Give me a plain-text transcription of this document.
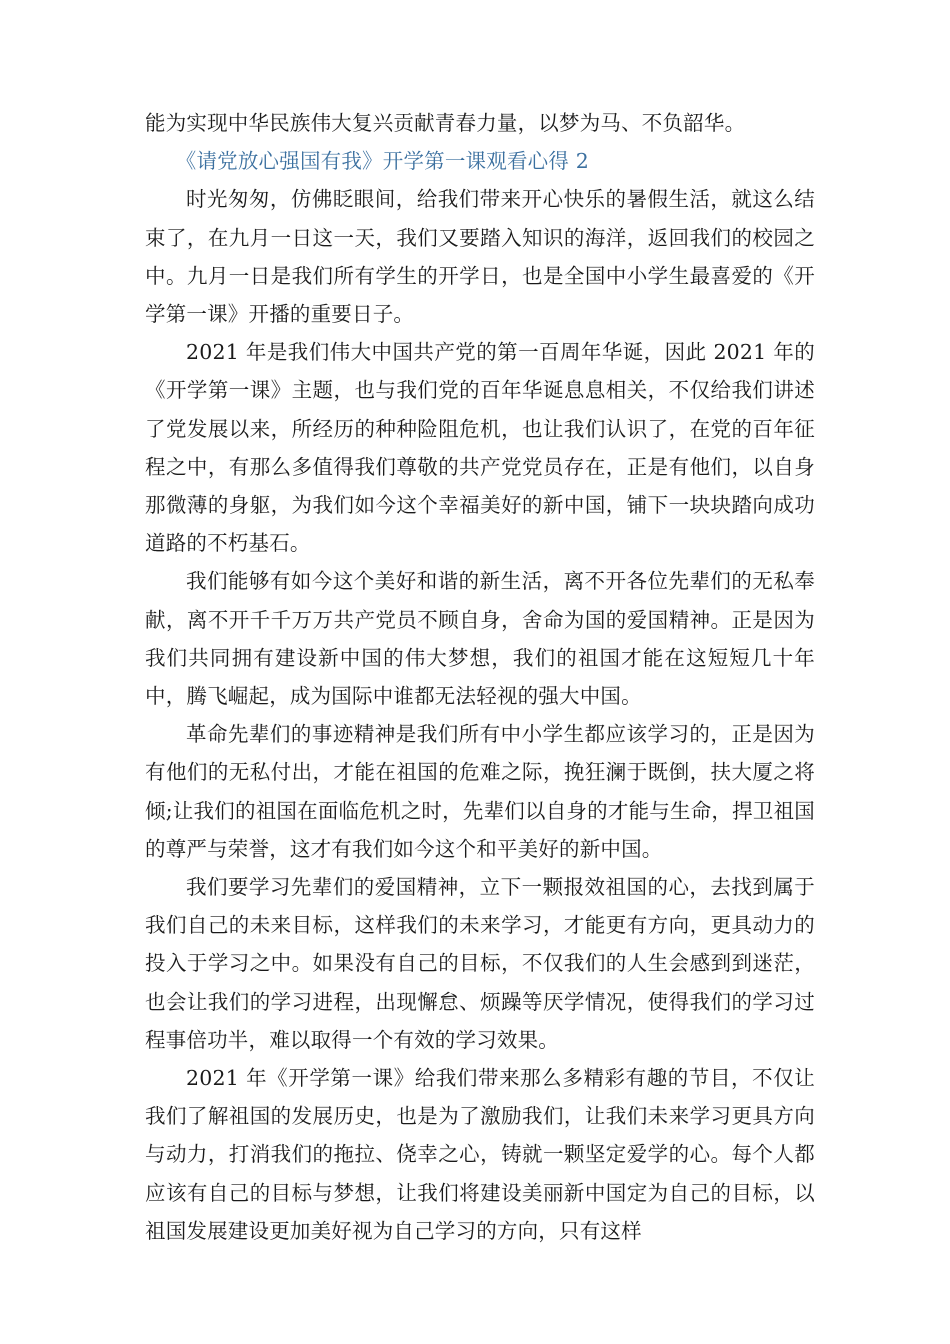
能为实现中华民族伟大复兴贡献青春力量，以梦为马、不负韶华。

《请党放心强国有我》开学第一课观看心得 2

时光匆匆，仿佛眨眼间，给我们带来开心快乐的暑假生活，就这么结束了，在九月一日这一天，我们又要踏入知识的海洋，返回我们的校园之中。九月一日是我们所有学生的开学日，也是全国中小学生最喜爱的《开学第一课》开播的重要日子。

2021 年是我们伟大中国共产党的第一百周年华诞，因此 2021 年的《开学第一课》主题，也与我们党的百年华诞息息相关，不仅给我们讲述了党发展以来，所经历的种种险阻危机，也让我们认识了，在党的百年征程之中，有那么多值得我们尊敬的共产党党员存在，正是有他们，以自身那微薄的身躯，为我们如今这个幸福美好的新中国，铺下一块块踏向成功道路的不朽基石。

我们能够有如今这个美好和谐的新生活，离不开各位先辈们的无私奉献，离不开千千万万共产党员不顾自身，舍命为国的爱国精神。正是因为我们共同拥有建设新中国的伟大梦想，我们的祖国才能在这短短几十年中，腾飞崛起，成为国际中谁都无法轻视的强大中国。

革命先辈们的事迹精神是我们所有中小学生都应该学习的，正是因为有他们的无私付出，才能在祖国的危难之际，挽狂澜于既倒，扶大厦之将倾;让我们的祖国在面临危机之时，先辈们以自身的才能与生命，捍卫祖国的尊严与荣誉，这才有我们如今这个和平美好的新中国。

我们要学习先辈们的爱国精神，立下一颗报效祖国的心，去找到属于我们自己的未来目标，这样我们的未来学习，才能更有方向，更具动力的投入于学习之中。如果没有自己的目标，不仅我们的人生会感到到迷茫，也会让我们的学习进程，出现懈怠、烦躁等厌学情况，使得我们的学习过程事倍功半，难以取得一个有效的学习效果。

2021 年《开学第一课》给我们带来那么多精彩有趣的节目，不仅让我们了解祖国的发展历史，也是为了激励我们，让我们未来学习更具方向与动力，打消我们的拖拉、侥幸之心，铸就一颗坚定爱学的心。每个人都应该有自己的目标与梦想，让我们将建设美丽新中国定为自己的目标，以祖国发展建设更加美好视为自己学习的方向，只有这样
